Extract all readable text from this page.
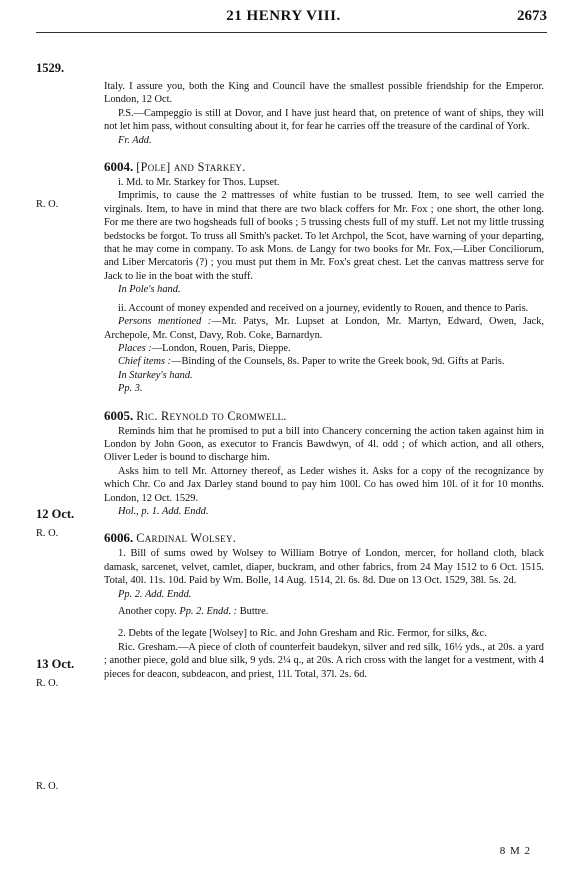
21 HENRY VIII.	2673
1529.
R. O.
12 Oct.
R. O.
13 Oct.
R. O.
R. O.

Italy. I assure you, both the King and Council have the smallest possible friendship for the Emperor. London, 12 Oct.

P.S.—Campeggio is still at Dovor, and I have just heard that, on pretence of want of ships, they will not let him pass, without consulting about it, for fear he carries off the treasure of the cardinal of York.

Fr. Add.

6004. [Pole] and Starkey.

i. Md. to Mr. Starkey for Thos. Lupset.

Imprimis, to cause the 2 mattresses of white fustian to be trussed. Item, to see well carried the virginals. Item, to have in mind that there are two black coffers for Mr. Fox ; one short, the other long. For me there are two hogsheads full of books ; 5 trussing chests full of my stuff. Let not my little trussing bedstocks be forgot. To truss all Smith's packet. To let Archpol, the Scot, have warning of your departing, that he may come in company. To ask Mons. de Langy for two books for Mr. Fox,—Liber Conciliorum, and Liber Mercatoris (?) ; you must put them in Mr. Fox's great chest. Let the canvas mattress serve for Jack to lie in the boat with the stuff.

In Pole's hand.

ii. Account of money expended and received on a journey, evidently to Rouen, and thence to Paris.

Persons mentioned :—Mr. Patys, Mr. Lupset at London, Mr. Martyn, Edward, Owen, Jack, Archepole, Mr. Const, Davy, Rob. Coke, Barnardyn.

Places :—London, Rouen, Paris, Dieppe.

Chief items :—Binding of the Counsels, 8s. Paper to write the Greek book, 9d. Gifts at Paris.

In Starkey's hand.

Pp. 3.

6005. Ric. Reynold to Cromwell.

Reminds him that he promised to put a bill into Chancery concerning the action taken against him in London by John Goon, as executor to Francis Bawdwyn, of 4l. odd ; of which action, and all others, Oliver Leder is bound to discharge him.

Asks him to tell Mr. Attorney thereof, as Leder wishes it. Asks for a copy of the recognizance by which Chr. Co and Jax Darley stand bound to pay him 100l. Co has owed him 10l. of it for 10 months. London, 12 Oct. 1529.

Hol., p. 1. Add. Endd.

6006. Cardinal Wolsey.

1. Bill of sums owed by Wolsey to William Botrye of London, mercer, for holland cloth, black damask, sarcenet, velvet, camlet, diaper, buckram, and other fabrics, from 24 May 1512 to 6 Oct. 1515. Total, 40l. 11s. 10d. Paid by Wm. Bolle, 14 Aug. 1514, 2l. 6s. 8d. Due on 13 Oct. 1529, 38l. 5s. 2d.

Pp. 2. Add. Endd.

Another copy. Pp. 2. Endd. : Buttre.

2. Debts of the legate [Wolsey] to Ric. and John Gresham and Ric. Fermor, for silks, &c.

Ric. Gresham.—A piece of cloth of counterfeit baudekyn, silver and red silk, 16½ yds., at 20s. a yard ; another piece, gold and blue silk, 9 yds. 2¼ q., at 20s. A rich cross with the langet for a vestment, with 4 pieces for deacon, subdeacon, and priest, 11l. Total, 37l. 2s. 6d.

8 M 2
